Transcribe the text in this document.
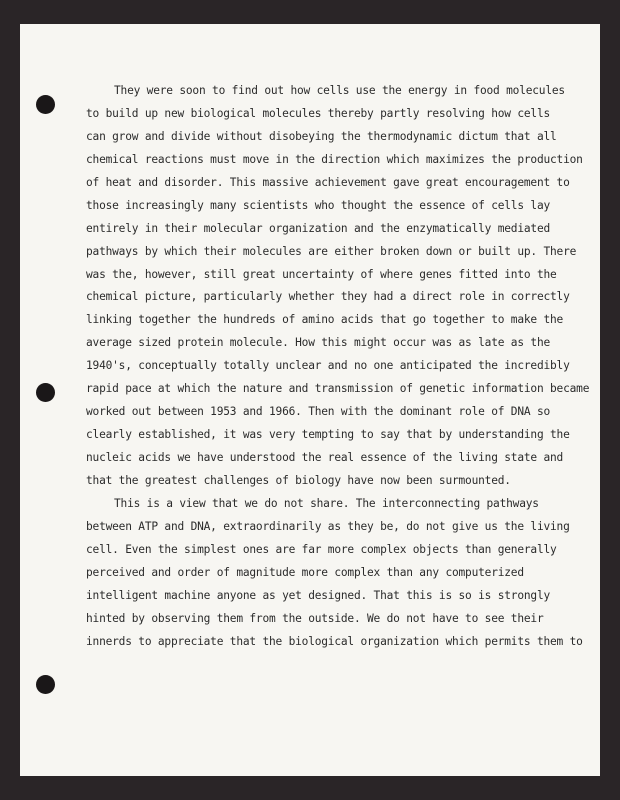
They were soon to find out how cells use the energy in food molecules
to build up new biological molecules thereby partly resolving how cells
can grow and divide without disobeying the thermodynamic dictum that all
chemical reactions must move in the direction which maximizes the production
of heat and disorder. This massive achievement gave great encouragement to
those increasingly many scientists who thought the essence of cells lay
entirely in their molecular organization and the enzymatically mediated
pathways by which their molecules are either broken down or built up. There
was the, however, still great uncertainty of where genes fitted into the
chemical picture, particularly whether they had a direct role in correctly
linking together the hundreds of amino acids that go together to make the
average sized protein molecule. How this might occur was as late as the
1940's, conceptually totally unclear and no one anticipated the incredibly
rapid pace at which the nature and transmission of genetic information became
worked out between 1953 and 1966. Then with the dominant role of DNA so
clearly established, it was very tempting to say that by understanding the
nucleic acids we have understood the real essence of the living state and
that the greatest challenges of biology have now been surmounted.
This is a view that we do not share. The interconnecting pathways
between ATP and DNA, extraordinarily as they be, do not give us the living
cell. Even the simplest ones are far more complex objects than generally
perceived and order of magnitude more complex than any computerized
intelligent machine anyone as yet designed. That this is so is strongly
hinted by observing them from the outside. We do not have to see their
innerds to appreciate that the biological organization which permits them to
